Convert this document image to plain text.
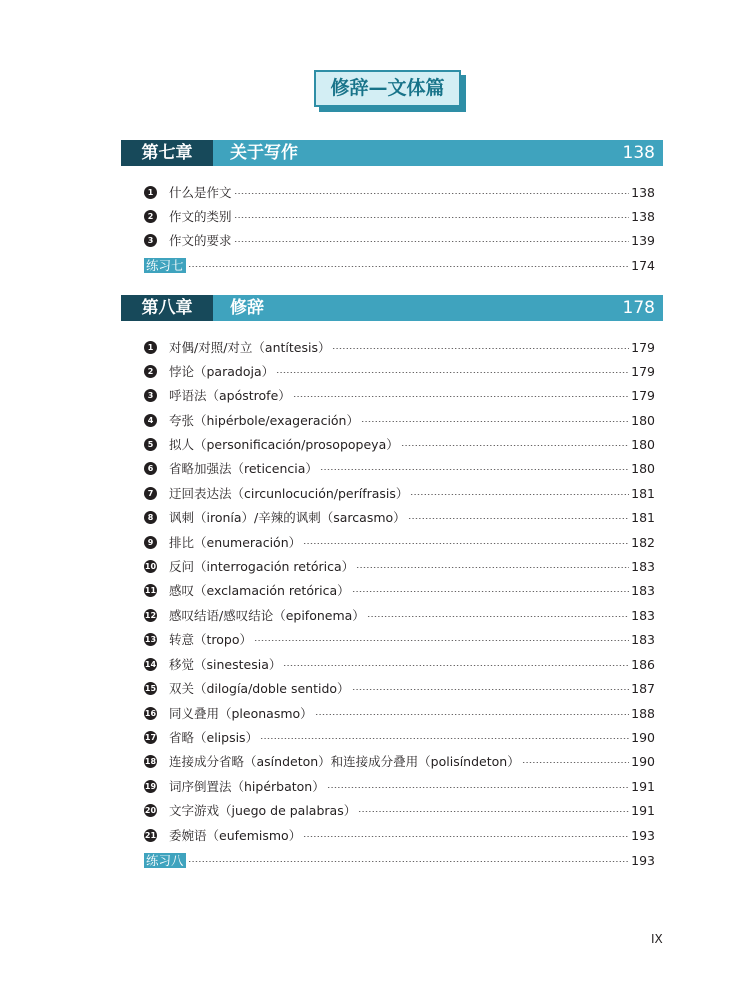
修辞—文体篇
第七章	关于写作	138
1 什么是作文	138
2 作文的类别	138
3 作文的要求	139
练习七	174
第八章	修辞	178
1 对偶/对照/对立（antítesis）	179
2 悖论（paradoja）	179
3 呼语法（apóstrofe）	179
4 夸张（hipérbole/exageración）	180
5 拟人（personificación/prosopopeya）	180
6 省略加强法（reticencia）	180
7 迂回表达法（circunlocución/perífrasis）	181
8 讽刺（ironía）/辛辣的讽刺（sarcasmo）	181
9 排比（enumeración）	182
10 反问（interrogación retórica）	183
11 感叹（exclamación retórica）	183
12 感叹结语/感叹结论（epifonema）	183
13 转意（tropo）	183
14 移觉（sinestesia）	186
15 双关（dilogía/doble sentido）	187
16 同义叠用（pleonasmo）	188
17 省略（elipsis）	190
18 连接成分省略（asíndeton）和连接成分叠用（polisíndeton）	190
19 词序倒置法（hipérbaton）	191
20 文字游戏（juego de palabras）	191
21 委婉语（eufemismo）	193
练习八	193
IX
